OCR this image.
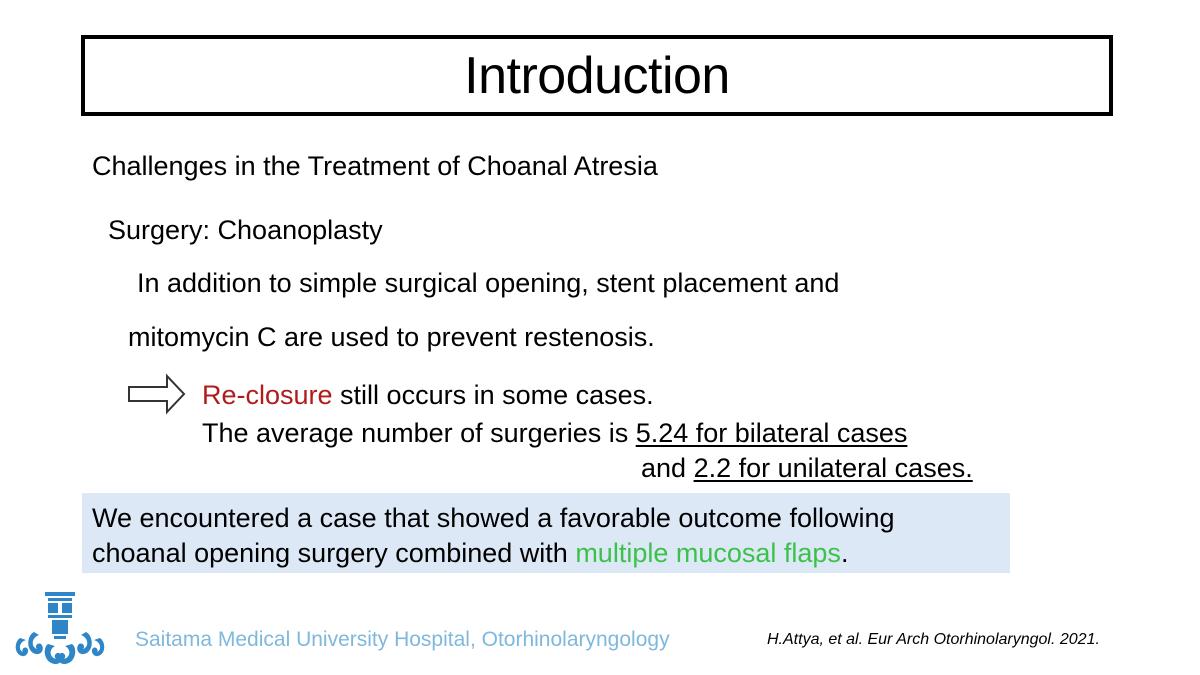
Introduction
Challenges in the Treatment of Choanal Atresia
Surgery: Choanoplasty
In addition to simple surgical opening, stent placement and
mitomycin C are used to prevent restenosis.
Re-closure still occurs in some cases.
The average number of surgeries is 5.24 for bilateral cases
and 2.2 for unilateral cases.
We encountered a case that showed a favorable outcome following
choanal opening surgery combined with multiple mucosal flaps.
Saitama Medical University Hospital, Otorhinolaryngology	H.Attya, et al. Eur Arch Otorhinolaryngol. 2021.
